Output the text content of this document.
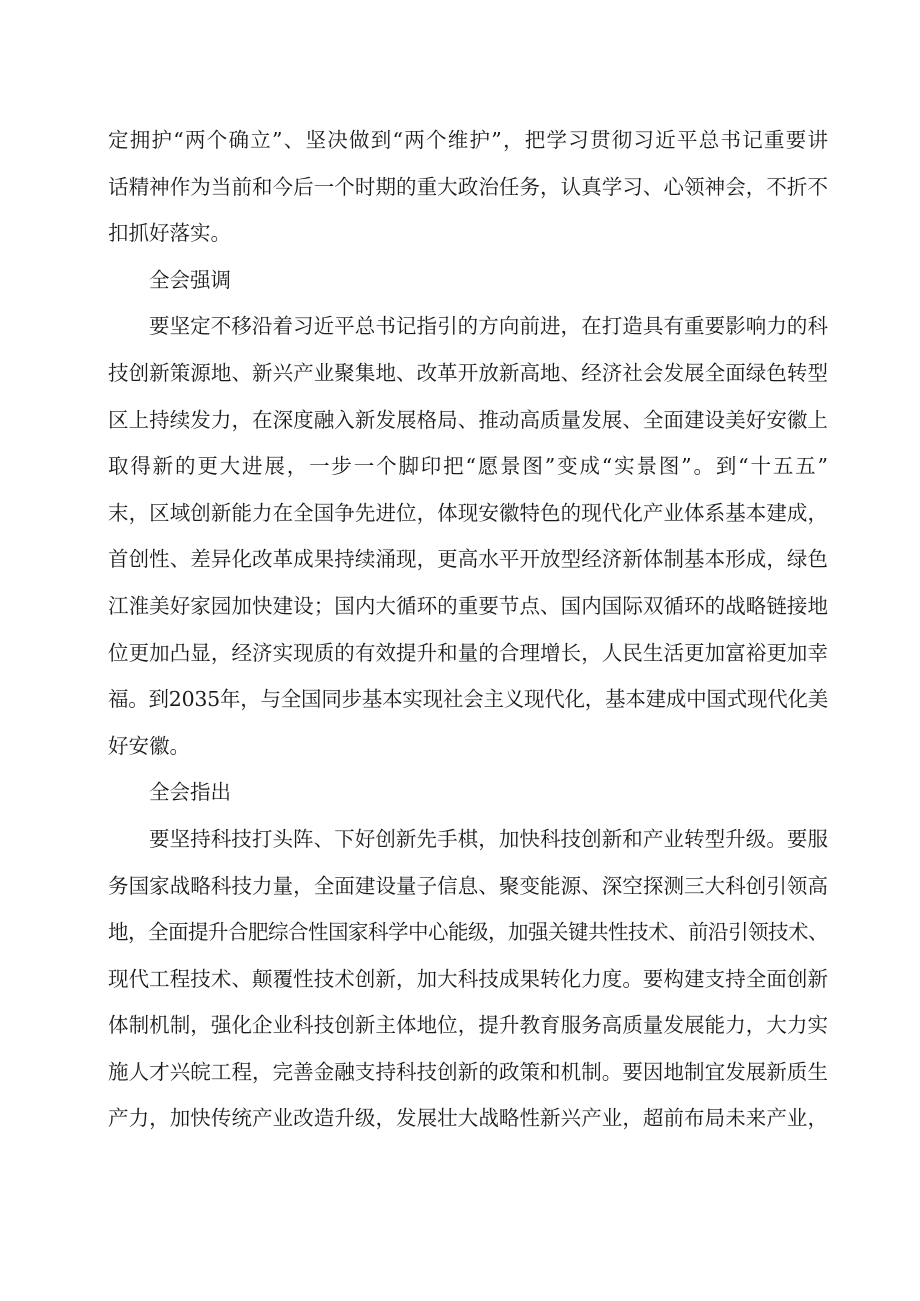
定拥护“两个确立”、坚决做到“两个维护”，把学习贯彻习近平总书记重要讲
话精神作为当前和今后一个时期的重大政治任务，认真学习、心领神会，不折不
扣抓好落实。
全会强调
要坚定不移沿着习近平总书记指引的方向前进，在打造具有重要影响力的科
技创新策源地、新兴产业聚集地、改革开放新高地、经济社会发展全面绿色转型
区上持续发力，在深度融入新发展格局、推动高质量发展、全面建设美好安徽上
取得新的更大进展，一步一个脚印把“愿景图”变成“实景图”。到“十五五”
末，区域创新能力在全国争先进位，体现安徽特色的现代化产业体系基本建成，
首创性、差异化改革成果持续涌现，更高水平开放型经济新体制基本形成，绿色
江淮美好家园加快建设；国内大循环的重要节点、国内国际双循环的战略链接地
位更加凸显，经济实现质的有效提升和量的合理增长，人民生活更加富裕更加幸
福。到2035年，与全国同步基本实现社会主义现代化，基本建成中国式现代化美
好安徽。
全会指出
要坚持科技打头阵、下好创新先手棋，加快科技创新和产业转型升级。要服
务国家战略科技力量，全面建设量子信息、聚变能源、深空探测三大科创引领高
地，全面提升合肥综合性国家科学中心能级，加强关键共性技术、前沿引领技术、
现代工程技术、颠覆性技术创新，加大科技成果转化力度。要构建支持全面创新
体制机制，强化企业科技创新主体地位，提升教育服务高质量发展能力，大力实
施人才兴皖工程，完善金融支持科技创新的政策和机制。要因地制宜发展新质生
产力，加快传统产业改造升级，发展壮大战略性新兴产业，超前布局未来产业，
